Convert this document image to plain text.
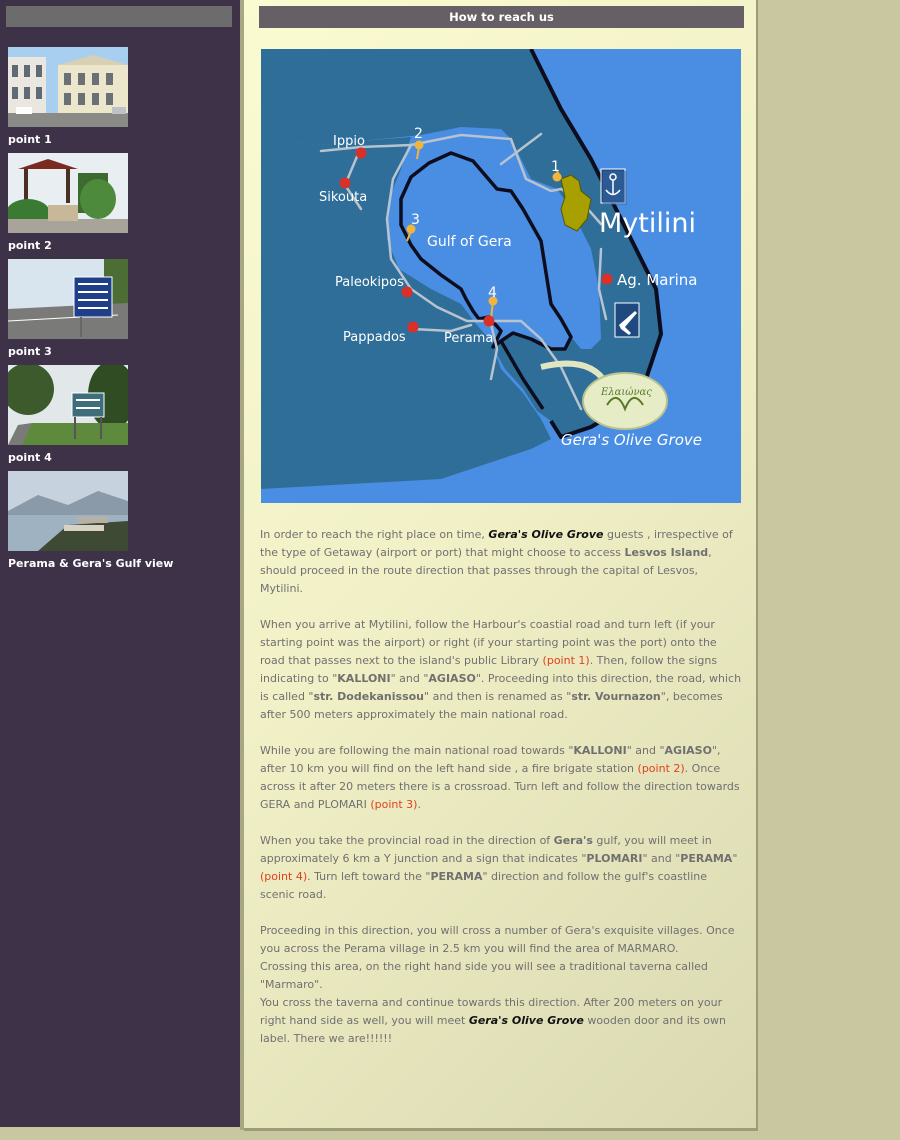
point 1
point 2
point 3
point 4
Perama & Gera's Gulf view
How to reach us
Ελαιώνας
Ippio
Sikouta
Gulf of Gera
Paleokipos
Pappados	Perama
Mytilini
Ag. Marina
Gera's Olive Grove
1
2
3
4

In order to reach the right place on time, Gera's Olive Grove guests , irrespective of the type of Getaway (airport or port) that might choose to access Lesvos Island, should proceed in the route direction that passes through the capital of Lesvos, Mytilini.

When you arrive at Mytilini, follow the Harbour's coastial road and turn left (if your starting point was the airport) or right (if your starting point was the port) onto the road that passes next to the island's public Library (point 1). Then, follow the signs indicating to "KALLONI" and "AGIASO". Proceeding into this direction, the road, which is called "str. Dodekanissou" and then is renamed as "str. Vournazon", becomes after 500 meters approximately the main national road.

While you are following the main national road towards "KALLONI" and "AGIASO", after 10 km you will find on the left hand side , a fire brigate station (point 2). Once across it after 20 meters there is a crossroad. Turn left and follow the direction towards GERA and PLOMARI (point 3).

When you take the provincial road in the direction of Gera's gulf, you will meet in approximately 6 km a Y junction and a sign that indicates "PLOMARI" and "PERAMA" (point 4). Turn left toward the "PERAMA" direction and follow the gulf's coastline scenic road.

Proceeding in this direction, you will cross a number of Gera's exquisite villages. Once you across the Perama village in 2.5 km you will find the area of MARMARO.
Crossing this area, on the right hand side you will see a traditional taverna called "Marmaro".
You cross the taverna and continue towards this direction. After 200 meters on your right hand side as well, you will meet Gera's Olive Grove wooden door and its own label. There we are!!!!!!
